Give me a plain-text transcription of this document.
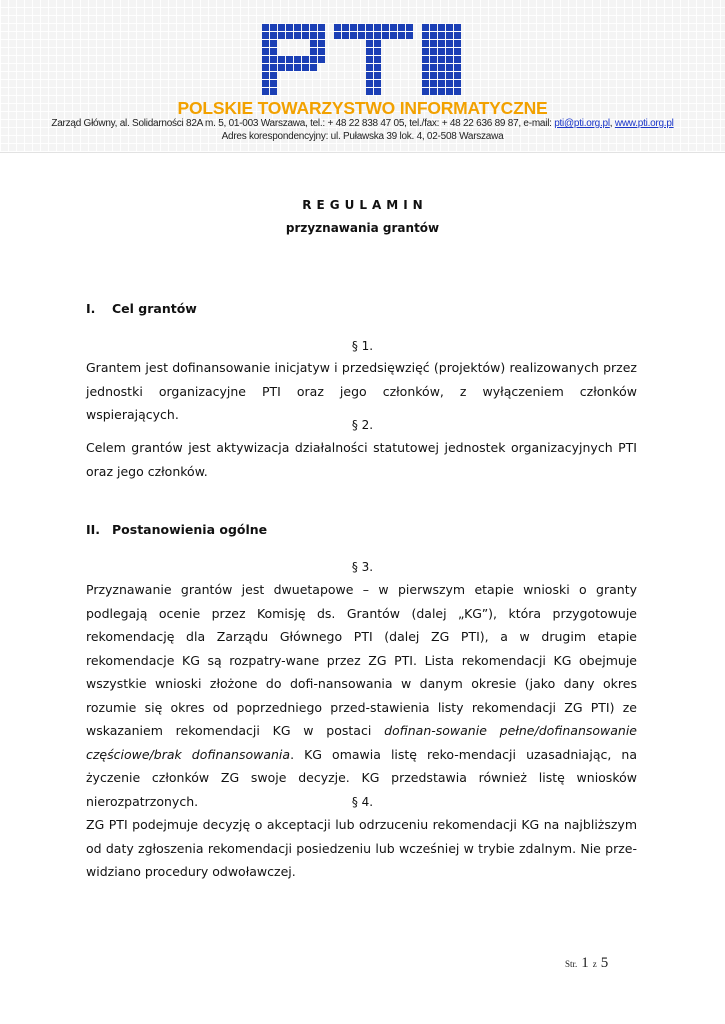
POLSKIE TOWARZYSTWO INFORMATYCZNE
Zarząd Główny, al. Solidarności 82A m. 5, 01-003 Warszawa, tel.: + 48 22 838 47 05, tel./fax: + 48 22 636 89 87, e-mail: pti@pti.org.pl, www.pti.org.pl
Adres korespondencyjny: ul. Puławska 39 lok. 4, 02-508 Warszawa
REGULAMIN
przyznawania grantów
I. Cel grantów
§ 1.
Grantem jest dofinansowanie inicjatyw i przedsięwzięć (projektów) realizowanych przez jednostki organizacyjne PTI oraz jego członków, z wyłączeniem członków wspierających.
§ 2.
Celem grantów jest aktywizacja działalności statutowej jednostek organizacyjnych PTI oraz jego członków.
II. Postanowienia ogólne
§ 3.
Przyznawanie grantów jest dwuetapowe – w pierwszym etapie wnioski o granty podlegają ocenie przez Komisję ds. Grantów (dalej „KG”), która przygotowuje rekomendację dla Zarządu Głównego PTI (dalej ZG PTI), a w drugim etapie rekomendacje KG są rozpatry-wane przez ZG PTI. Lista rekomendacji KG obejmuje wszystkie wnioski złożone do dofi-nansowania w danym okresie (jako dany okres rozumie się okres od poprzedniego przed-stawienia listy rekomendacji ZG PTI) ze wskazaniem rekomendacji KG w postaci dofinan-sowanie pełne/dofinansowanie częściowe/brak dofinansowania. KG omawia listę reko-mendacji uzasadniając, na życzenie członków ZG swoje decyzje. KG przedstawia również listę wniosków nierozpatrzonych.	§ 4.
ZG PTI podejmuje decyzję o akceptacji lub odrzuceniu rekomendacji KG na najbliższym od daty zgłoszenia rekomendacji posiedzeniu lub wcześniej w trybie zdalnym. Nie prze-widziano procedury odwoławczej.
Str. 1 z 5
